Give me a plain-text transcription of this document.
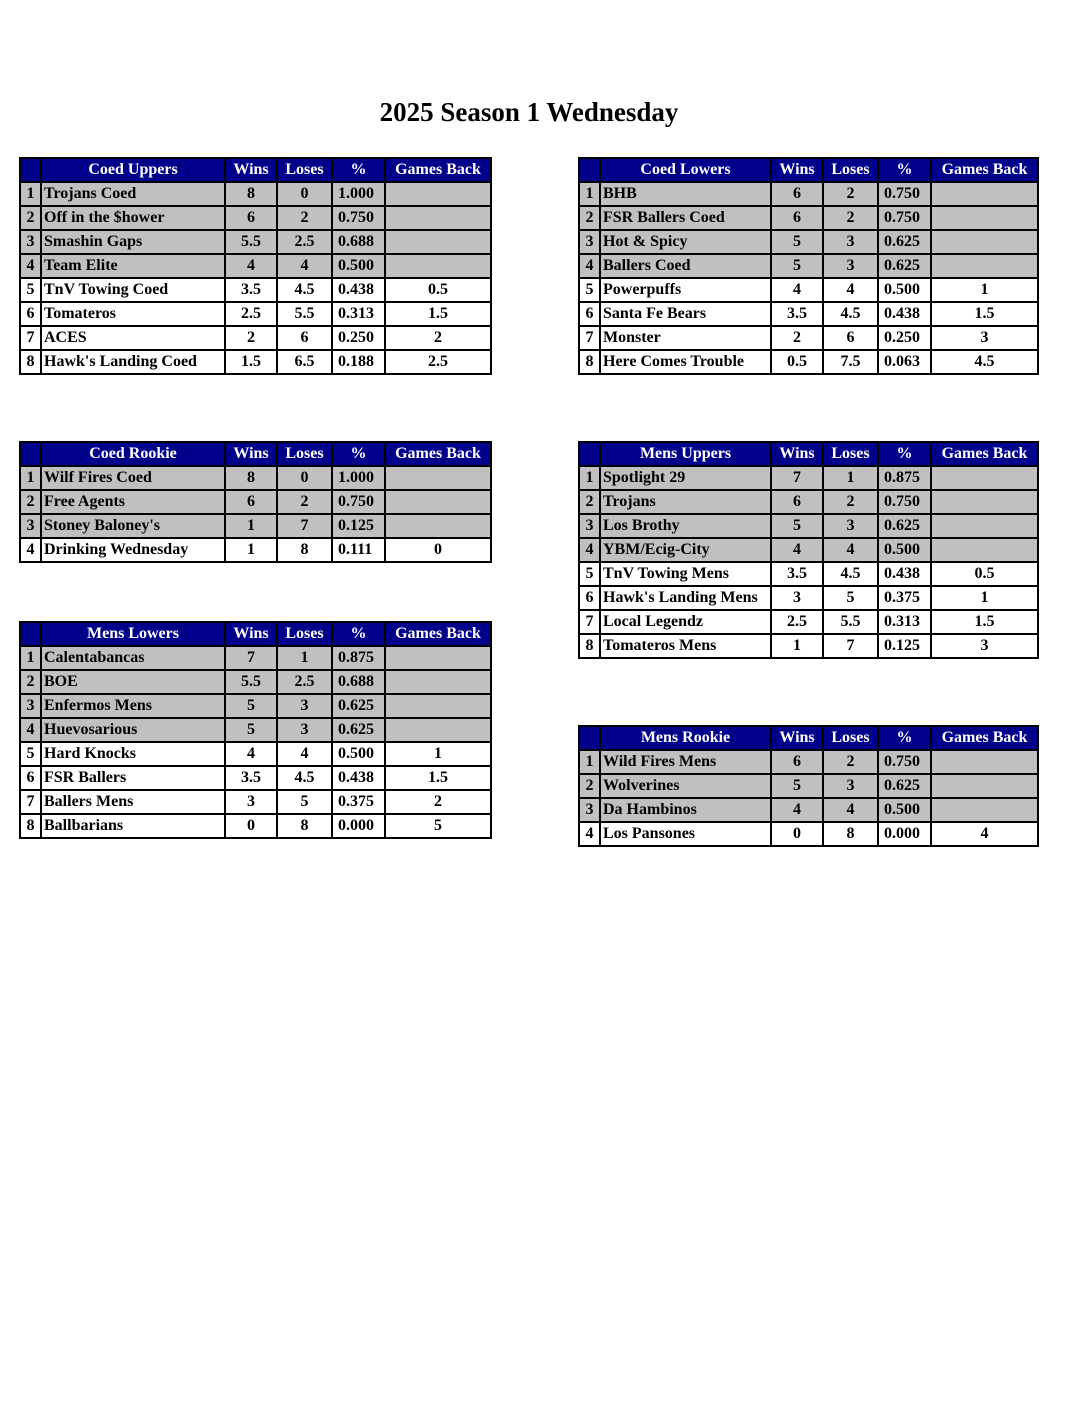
2025 Season 1 Wednesday
	Coed Uppers	Wins	Loses	%	Games Back
1	Trojans Coed	8	0	1.000	
2	Off in the $hower	6	2	0.750	
3	Smashin Gaps	5.5	2.5	0.688	
4	Team Elite	4	4	0.500	
5	TnV Towing Coed	3.5	4.5	0.438	0.5
6	Tomateros	2.5	5.5	0.313	1.5
7	ACES	2	6	0.250	2
8	Hawk's Landing Coed	1.5	6.5	0.188	2.5
	Coed Lowers	Wins	Loses	%	Games Back
1	BHB	6	2	0.750	
2	FSR Ballers Coed	6	2	0.750	
3	Hot & Spicy	5	3	0.625	
4	Ballers Coed	5	3	0.625	
5	Powerpuffs	4	4	0.500	1
6	Santa Fe Bears	3.5	4.5	0.438	1.5
7	Monster	2	6	0.250	3
8	Here Comes Trouble	0.5	7.5	0.063	4.5
	Coed Rookie	Wins	Loses	%	Games Back
1	Wilf Fires Coed	8	0	1.000	
2	Free Agents	6	2	0.750	
3	Stoney Baloney's	1	7	0.125	
4	Drinking Wednesday	1	8	0.111	0
	Mens Uppers	Wins	Loses	%	Games Back
1	Spotlight 29	7	1	0.875	
2	Trojans	6	2	0.750	
3	Los Brothy	5	3	0.625	
4	YBM/Ecig-City	4	4	0.500	
5	TnV Towing Mens	3.5	4.5	0.438	0.5
6	Hawk's Landing Mens	3	5	0.375	1
7	Local Legendz	2.5	5.5	0.313	1.5
8	Tomateros Mens	1	7	0.125	3
	Mens Lowers	Wins	Loses	%	Games Back
1	Calentabancas	7	1	0.875	
2	BOE	5.5	2.5	0.688	
3	Enfermos Mens	5	3	0.625	
4	Huevosarious	5	3	0.625	
5	Hard Knocks	4	4	0.500	1
6	FSR Ballers	3.5	4.5	0.438	1.5
7	Ballers Mens	3	5	0.375	2
8	Ballbarians	0	8	0.000	5
	Mens Rookie	Wins	Loses	%	Games Back
1	Wild Fires Mens	6	2	0.750	
2	Wolverines	5	3	0.625	
3	Da Hambinos	4	4	0.500	
4	Los Pansones	0	8	0.000	4
